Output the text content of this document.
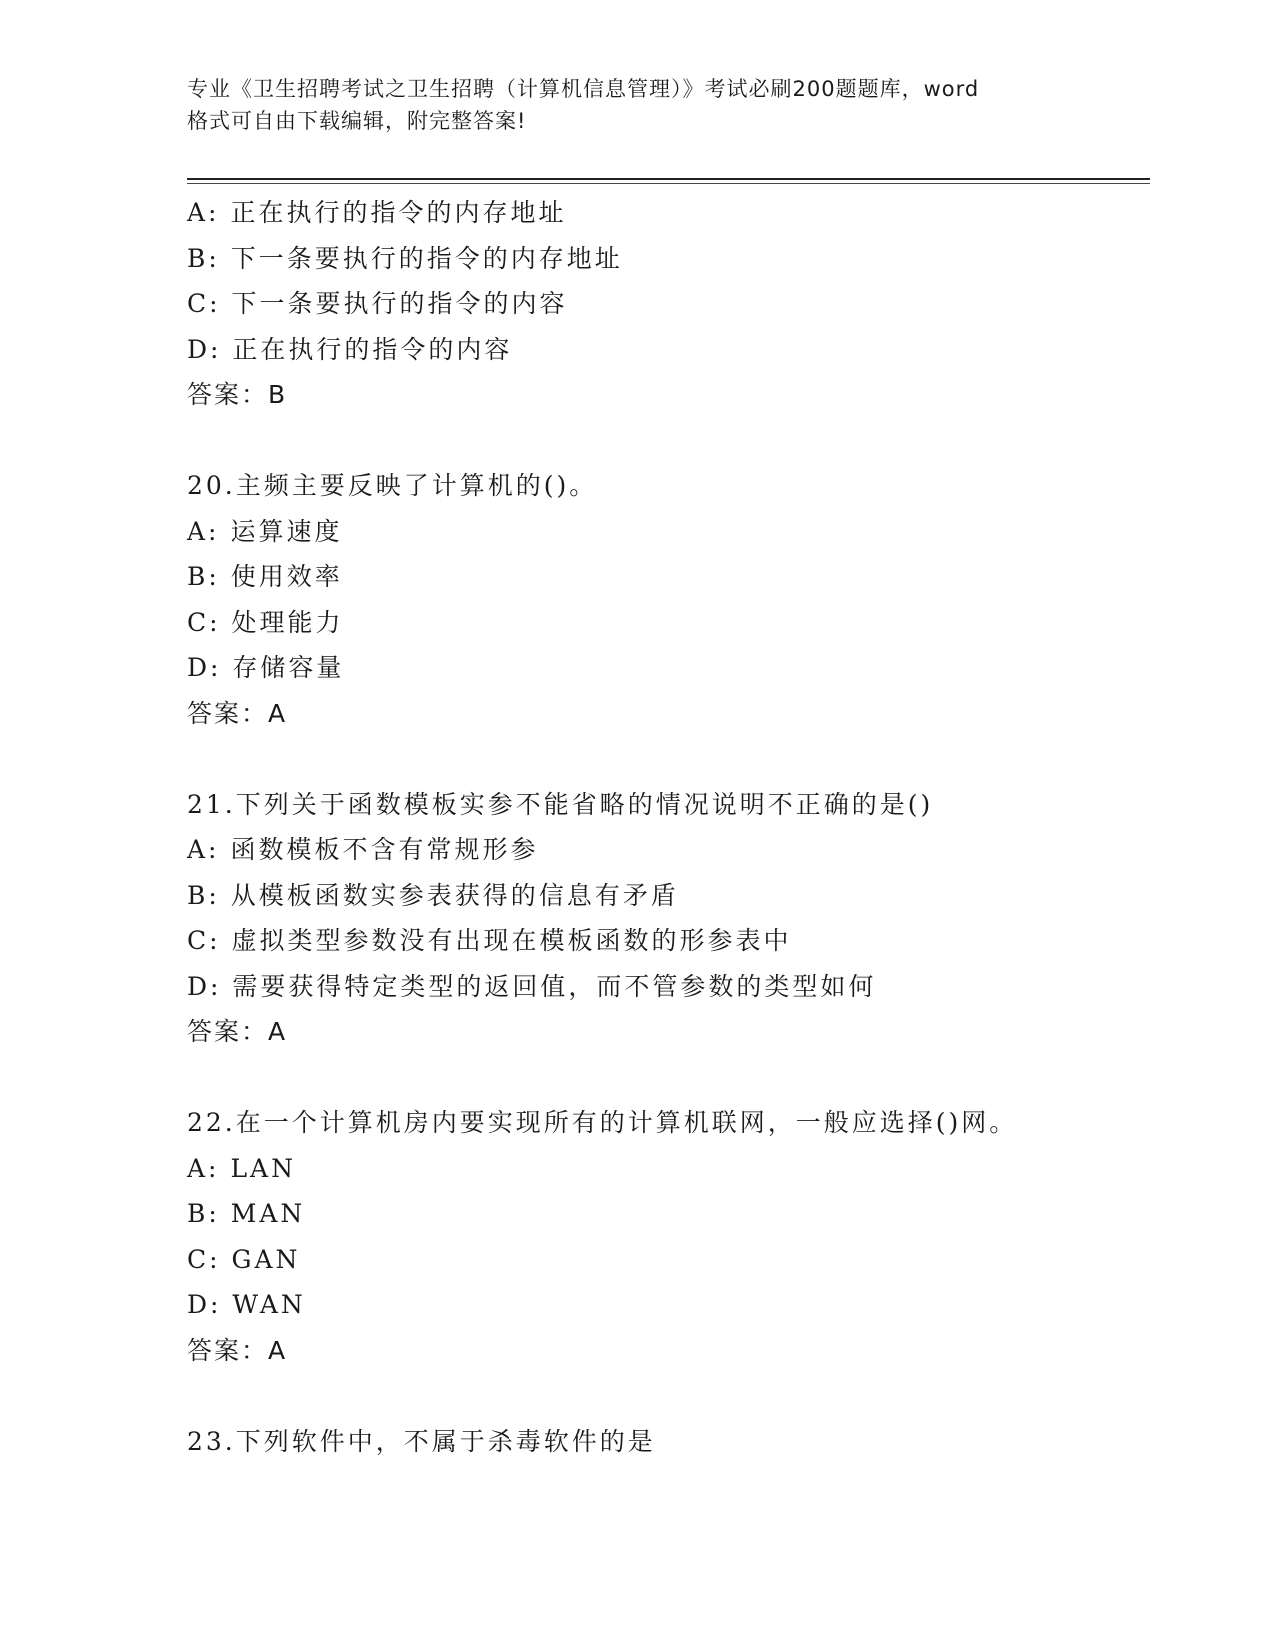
专业《卫生招聘考试之卫生招聘（计算机信息管理）》考试必刷200题题库，word
格式可自由下载编辑，附完整答案!
A: 正在执行的指令的内存地址
B: 下一条要执行的指令的内存地址
C: 下一条要执行的指令的内容
D: 正在执行的指令的内容
答案：B
20.主频主要反映了计算机的()。
A: 运算速度
B: 使用效率
C: 处理能力
D: 存储容量
答案：A
21.下列关于函数模板实参不能省略的情况说明不正确的是()
A: 函数模板不含有常规形参
B: 从模板函数实参表获得的信息有矛盾
C: 虚拟类型参数没有出现在模板函数的形参表中
D: 需要获得特定类型的返回值，而不管参数的类型如何
答案：A
22.在一个计算机房内要实现所有的计算机联网，一般应选择()网。
A: LAN
B: MAN
C: GAN
D: WAN
答案：A
23.下列软件中，不属于杀毒软件的是
